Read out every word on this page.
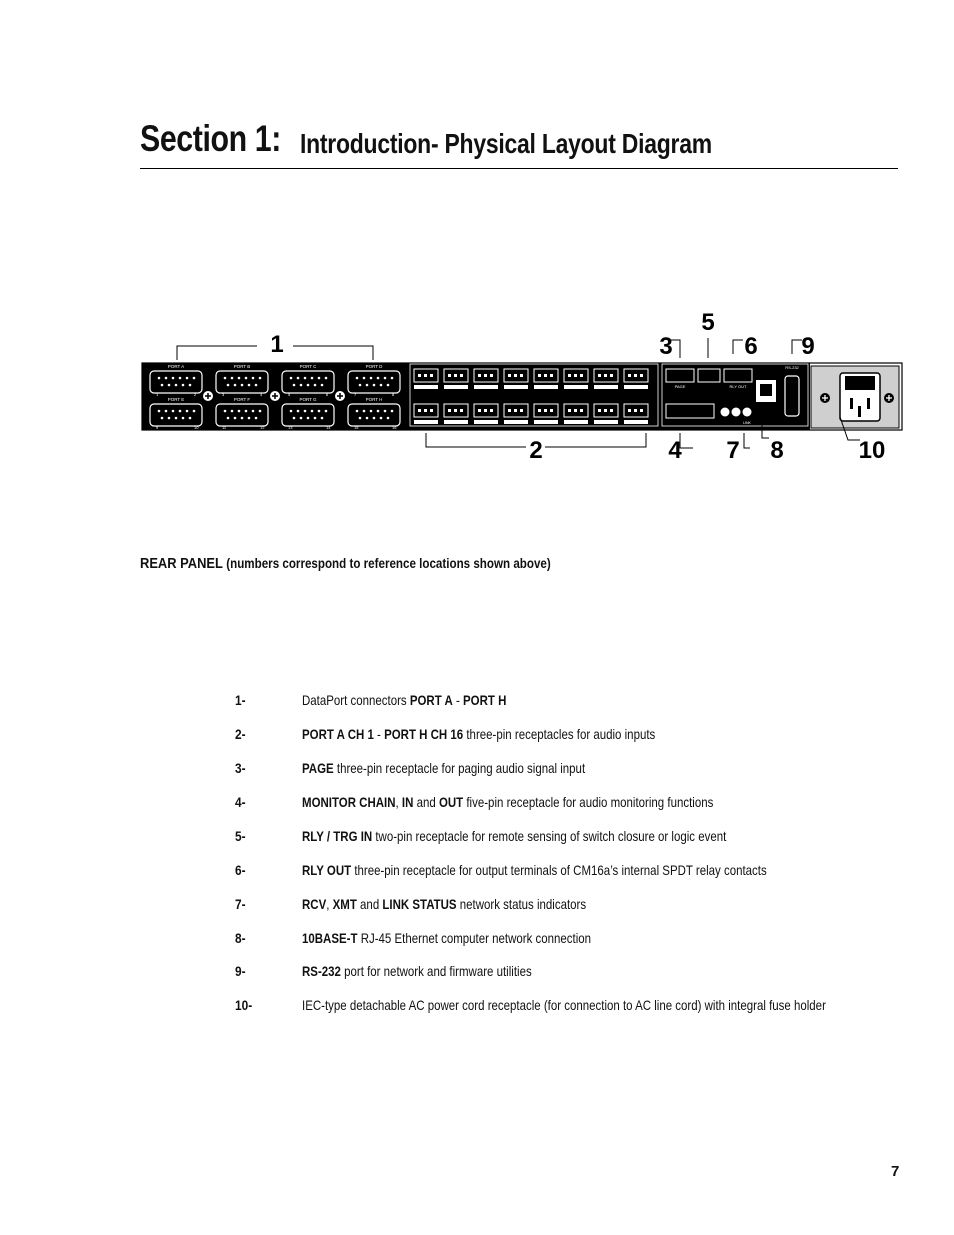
Section 1: Introduction- Physical Layout Diagram
PORT A
PORT E
1	2
9	10
PORT B
PORT F
3	4
11	12
PORT C
PORT G
5	6
13	14
PORT D
PORT H
7	8
15	16
PAGE	RLY OUT
LINK
RS-232
1
2
3
4
5
6
7 8
9
10
REAR PANEL (numbers correspond to reference locations shown above)
1-	DataPort connectors PORT A - PORT H
2-	PORT A CH 1 - PORT H CH 16 three-pin receptacles for audio inputs
3-	PAGE three-pin receptacle for paging audio signal input
4-	MONITOR CHAIN, IN and OUT five-pin receptacle for audio monitoring functions
5-	RLY / TRG IN two-pin receptacle for remote sensing of switch closure or logic event
6-	RLY OUT three-pin receptacle for output terminals of CM16a’s internal SPDT relay contacts
7-	RCV, XMT and LINK STATUS network status indicators
8-	10BASE-T RJ-45 Ethernet computer network connection
9-	RS-232 port for network and firmware utilities
10-	IEC-type detachable AC power cord receptacle (for connection to AC line cord) with integral fuse holder
7
